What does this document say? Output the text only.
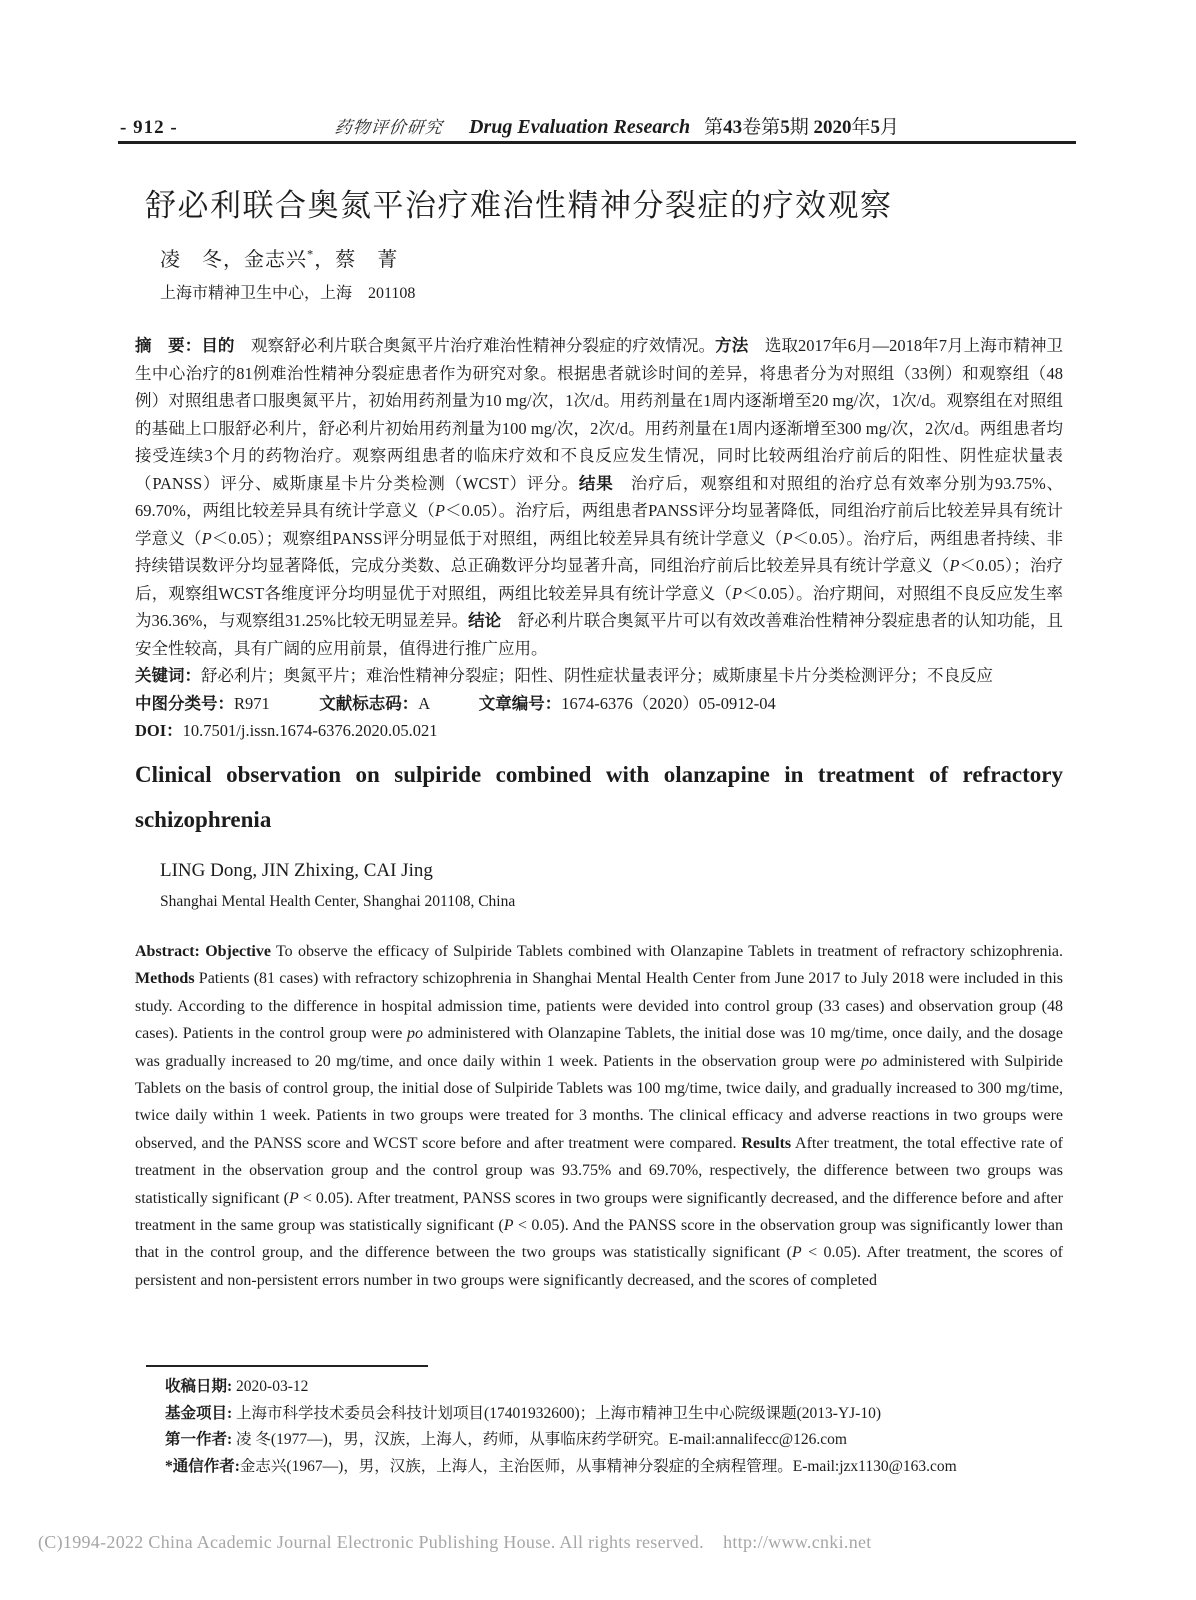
- 912 -	药物评价研究 Drug Evaluation Research 第43卷第5期 2020年5月
舒必利联合奥氮平治疗难治性精神分裂症的疗效观察
凌　冬，金志兴*，蔡　菁
上海市精神卫生中心，上海　201108

摘　要：目的　观察舒必利片联合奥氮平片治疗难治性精神分裂症的疗效情况。方法　选取2017年6月—2018年7月上海市精神卫生中心治疗的81例难治性精神分裂症患者作为研究对象。根据患者就诊时间的差异，将患者分为对照组（33例）和观察组（48例）对照组患者口服奥氮平片，初始用药剂量为10 mg/次，1次/d。用药剂量在1周内逐渐增至20 mg/次，1次/d。观察组在对照组的基础上口服舒必利片，舒必利片初始用药剂量为100 mg/次，2次/d。用药剂量在1周内逐渐增至300 mg/次，2次/d。两组患者均接受连续3个月的药物治疗。观察两组患者的临床疗效和不良反应发生情况，同时比较两组治疗前后的阳性、阴性症状量表（PANSS）评分、威斯康星卡片分类检测（WCST）评分。结果　治疗后，观察组和对照组的治疗总有效率分别为93.75%、69.70%，两组比较差异具有统计学意义（P＜0.05）。治疗后，两组患者PANSS评分均显著降低，同组治疗前后比较差异具有统计学意义（P＜0.05）；观察组PANSS评分明显低于对照组，两组比较差异具有统计学意义（P＜0.05）。治疗后，两组患者持续、非持续错误数评分均显著降低，完成分类数、总正确数评分均显著升高，同组治疗前后比较差异具有统计学意义（P＜0.05）；治疗后，观察组WCST各维度评分均明显优于对照组，两组比较差异具有统计学意义（P＜0.05）。治疗期间，对照组不良反应发生率为36.36%，与观察组31.25%比较无明显差异。结论　舒必利片联合奥氮平片可以有效改善难治性精神分裂症患者的认知功能，且安全性较高，具有广阔的应用前景，值得进行推广应用。

关键词：舒必利片；奥氮平片；难治性精神分裂症；阳性、阴性症状量表评分；威斯康星卡片分类检测评分；不良反应

中图分类号：R971　　　文献标志码：A　　　文章编号：1674-6376（2020）05-0912-04

DOI：10.7501/j.issn.1674-6376.2020.05.021

Clinical observation on sulpiride combined with olanzapine in treatment of refractory schizophrenia
LING Dong, JIN Zhixing, CAI Jing
Shanghai Mental Health Center, Shanghai 201108, China

Abstract: Objective To observe the efficacy of Sulpiride Tablets combined with Olanzapine Tablets in treatment of refractory schizophrenia. Methods Patients (81 cases) with refractory schizophrenia in Shanghai Mental Health Center from June 2017 to July 2018 were included in this study. According to the difference in hospital admission time, patients were devided into control group (33 cases) and observation group (48 cases). Patients in the control group were po administered with Olanzapine Tablets, the initial dose was 10 mg/time, once daily, and the dosage was gradually increased to 20 mg/time, and once daily within 1 week. Patients in the observation group were po administered with Sulpiride Tablets on the basis of control group, the initial dose of Sulpiride Tablets was 100 mg/time, twice daily, and gradually increased to 300 mg/time, twice daily within 1 week. Patients in two groups were treated for 3 months. The clinical efficacy and adverse reactions in two groups were observed, and the PANSS score and WCST score before and after treatment were compared. Results After treatment, the total effective rate of treatment in the observation group and the control group was 93.75% and 69.70%, respectively, the difference between two groups was statistically significant (P < 0.05). After treatment, PANSS scores in two groups were significantly decreased, and the difference before and after treatment in the same group was statistically significant (P < 0.05). And the PANSS score in the observation group was significantly lower than that in the control group, and the difference between the two groups was statistically significant (P < 0.05). After treatment, the scores of persistent and non-persistent errors number in two groups were significantly decreased, and the scores of completed

收稿日期: 2020-03-12

基金项目: 上海市科学技术委员会科技计划项目(17401932600)；上海市精神卫生中心院级课题(2013-YJ-10)

第一作者: 凌 冬(1977—)，男，汉族，上海人，药师，从事临床药学研究。E-mail:annalifecc@126.com

*通信作者:金志兴(1967—)，男，汉族，上海人，主治医师，从事精神分裂症的全病程管理。E-mail:jzx1130@163.com

(C)1994-2022 China Academic Journal Electronic Publishing House. All rights reserved.    http://www.cnki.net
